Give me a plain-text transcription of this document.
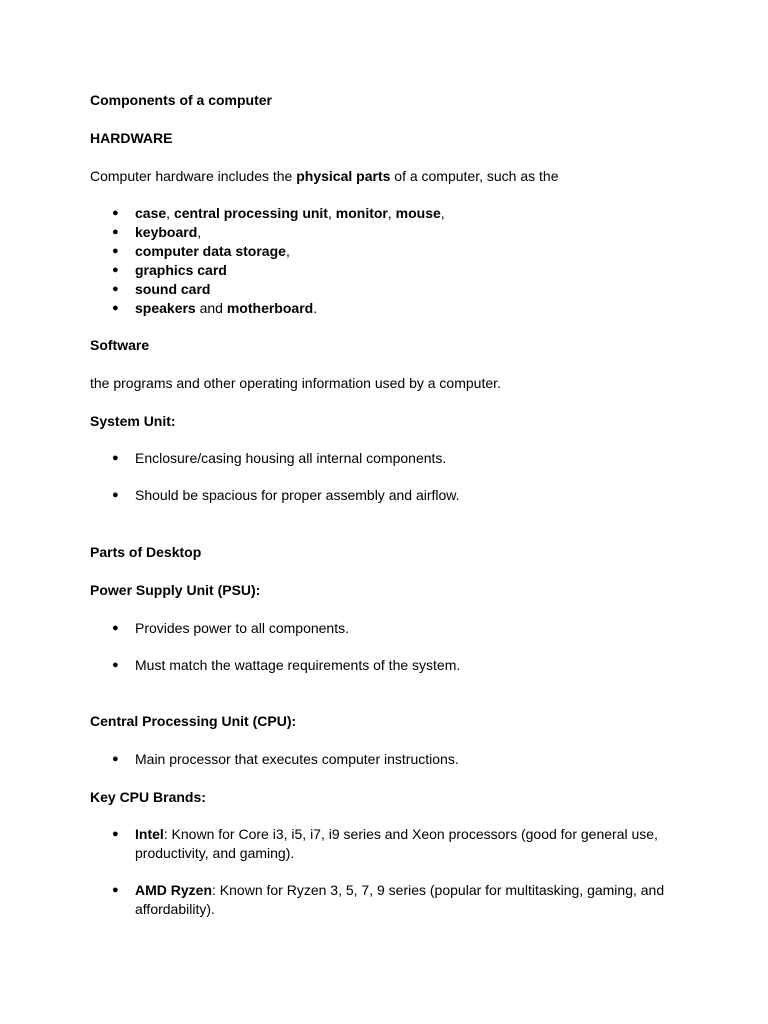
Components of a computer

HARDWARE

Computer hardware includes the physical parts of a computer, such as the

● case, central processing unit, monitor, mouse,
● keyboard,
● computer data storage,
● graphics card
● sound card
● speakers and motherboard.

Software

the programs and other operating information used by a computer.

System Unit:

● Enclosure/casing housing all internal components.
● Should be spacious for proper assembly and airflow.

Parts of Desktop

Power Supply Unit (PSU):

● Provides power to all components.
● Must match the wattage requirements of the system.

Central Processing Unit (CPU):

● Main processor that executes computer instructions.

Key CPU Brands:

● Intel: Known for Core i3, i5, i7, i9 series and Xeon processors (good for general use, productivity, and gaming).
● AMD Ryzen: Known for Ryzen 3, 5, 7, 9 series (popular for multitasking, gaming, and affordability).
